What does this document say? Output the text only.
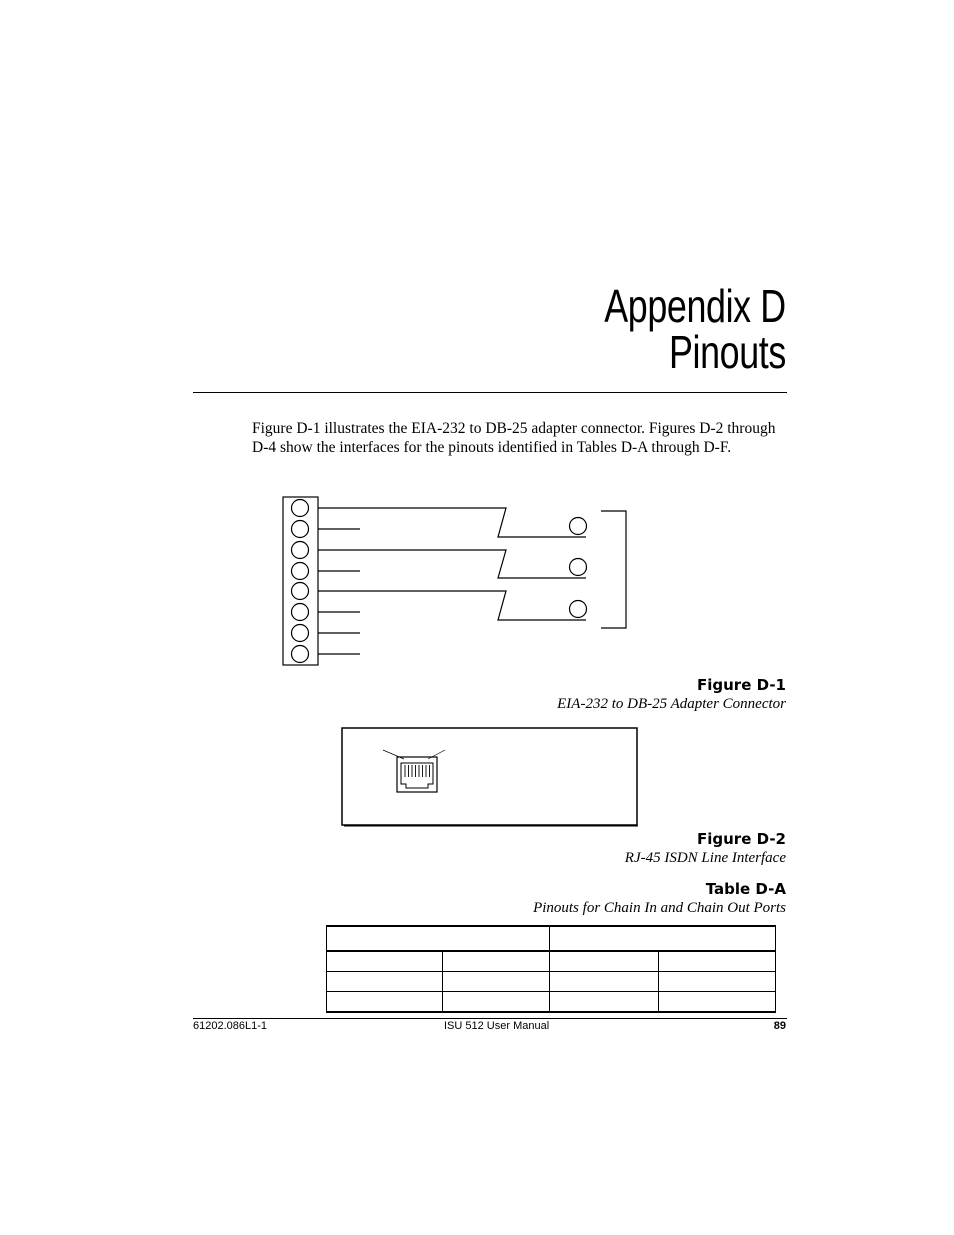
Appendix D
Pinouts

Figure D-1 illustrates the EIA-232 to DB-25 adapter connector. Figures D-2 through D-4 show the interfaces for the pinouts identified in Tables D-A through D-F.

Figure D-1

EIA-232 to DB-25 Adapter Connector

Figure D-2

RJ-45 ISDN Line Interface

Table D-A

Pinouts for Chain In and Chain Out Ports

61202.086L1-1	ISU 512 User Manual	89
